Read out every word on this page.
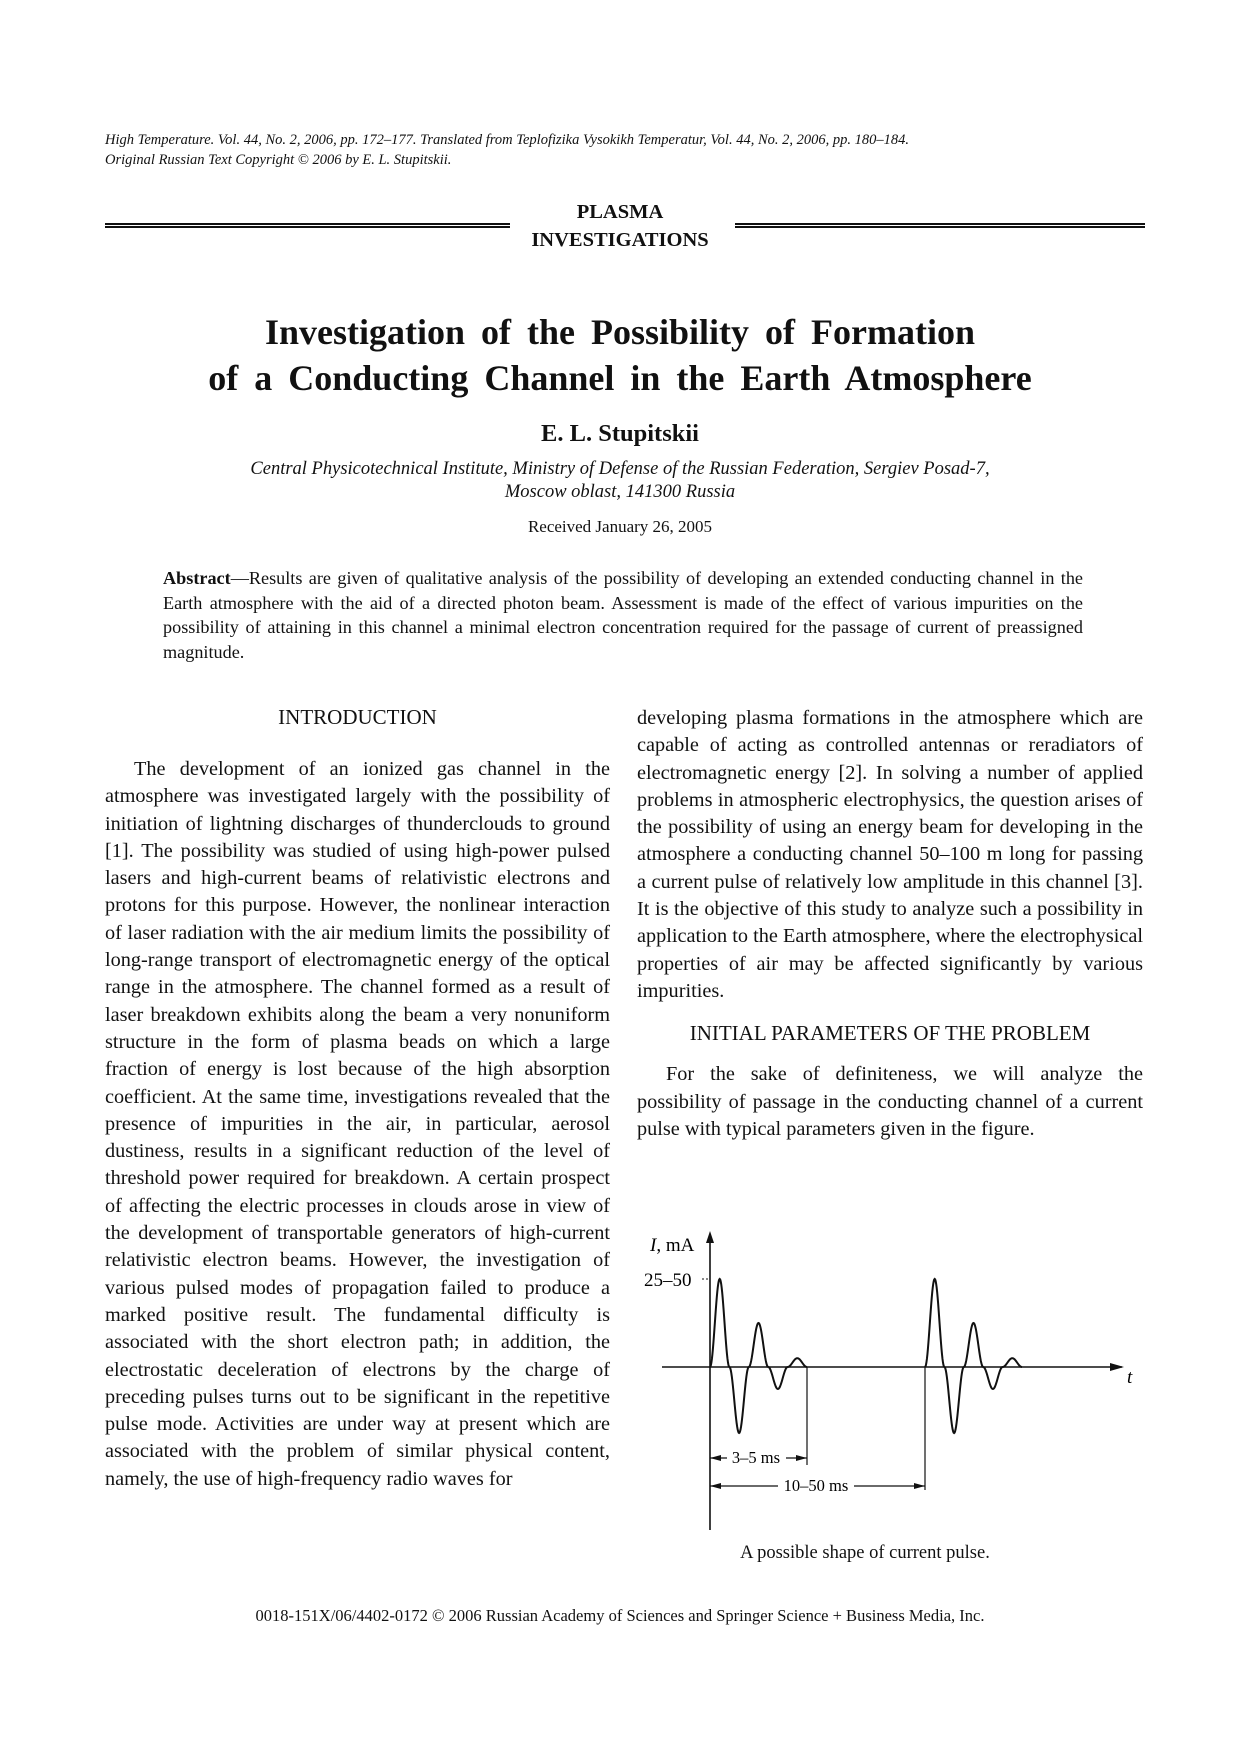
High Temperature. Vol. 44, No. 2, 2006, pp. 172–177. Translated from Teplofizika Vysokikh Temperatur, Vol. 44, No. 2, 2006, pp. 180–184.
Original Russian Text Copyright © 2006 by E. L. Stupitskii.
PLASMA
INVESTIGATIONS
Investigation of the Possibility of Formation
of a Conducting Channel in the Earth Atmosphere
E. L. Stupitskii
Central Physicotechnical Institute, Ministry of Defense of the Russian Federation, Sergiev Posad-7,
Moscow oblast, 141300 Russia
Received January 26, 2005
Abstract—Results are given of qualitative analysis of the possibility of developing an extended conducting channel in the Earth atmosphere with the aid of a directed photon beam. Assessment is made of the effect of various impurities on the possibility of attaining in this channel a minimal electron concentration required for the passage of current of preassigned magnitude.
INTRODUCTION

The development of an ionized gas channel in the atmosphere was investigated largely with the possibility of initiation of lightning discharges of thunderclouds to ground [1]. The possibility was studied of using high-power pulsed lasers and high-current beams of relativistic electrons and protons for this purpose. However, the nonlinear interaction of laser radiation with the air medium limits the possibility of long-range transport of electromagnetic energy of the optical range in the atmosphere. The channel formed as a result of laser breakdown exhibits along the beam a very nonuniform structure in the form of plasma beads on which a large fraction of energy is lost because of the high absorption coefficient. At the same time, investigations revealed that the presence of impurities in the air, in particular, aerosol dustiness, results in a significant reduction of the level of threshold power required for breakdown. A certain prospect of affecting the electric processes in clouds arose in view of the development of transportable generators of high-current relativistic electron beams. However, the investigation of various pulsed modes of propagation failed to produce a marked positive result. The fundamental difficulty is associated with the short electron path; in addition, the electrostatic deceleration of electrons by the charge of preceding pulses turns out to be significant in the repetitive pulse mode. Activities are under way at present which are associated with the problem of similar physical content, namely, the use of high-frequency radio waves for

developing plasma formations in the atmosphere which are capable of acting as controlled antennas or reradiators of electromagnetic energy [2]. In solving a number of applied problems in atmospheric electrophysics, the question arises of the possibility of using an energy beam for developing in the atmosphere a conducting channel 50–100 m long for passing a current pulse of relatively low amplitude in this channel [3]. It is the objective of this study to analyze such a possibility in application to the Earth atmosphere, where the electrophysical properties of air may be affected significantly by various impurities.

INITIAL PARAMETERS OF THE PROBLEM

For the sake of definiteness, we will analyze the possibility of passage in the conducting channel of a current pulse with typical parameters given in the figure.

I, mA
25–50
t
3–5 ms
10–50 ms
A possible shape of current pulse.
0018-151X/06/4402-0172 © 2006 Russian Academy of Sciences and Springer Science + Business Media, Inc.
